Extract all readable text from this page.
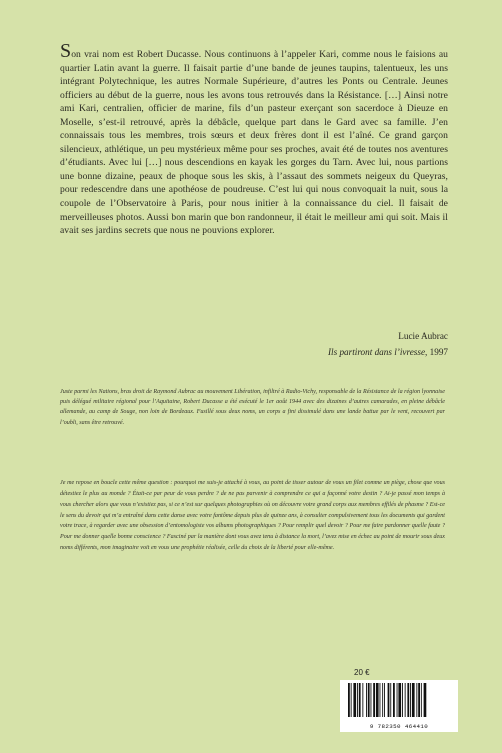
Son vrai nom est Robert Ducasse. Nous continuons à l’appeler Kari, comme nous le faisions au quartier Latin avant la guerre. Il faisait partie d’une bande de jeunes taupins, talentueux, les uns intégrant Polytechnique, les autres Normale Supérieure, d’autres les Ponts ou Centrale. Jeunes officiers au début de la guerre, nous les avons tous retrouvés dans la Résistance. […] Ainsi notre ami Kari, centralien, officier de marine, fils d’un pasteur exerçant son sacerdoce à Dieuze en Moselle, s’est-il retrouvé, après la débâcle, quelque part dans le Gard avec sa famille. J’en connaissais tous les membres, trois sœurs et deux frères dont il est l’aîné. Ce grand garçon silencieux, athlétique, un peu mystérieux même pour ses proches, avait été de toutes nos aventures d’étudiants. Avec lui […] nous descendions en kayak les gorges du Tarn. Avec lui, nous partions une bonne dizaine, peaux de phoque sous les skis, à l’assaut des sommets neigeux du Queyras, pour redescendre dans une apothéose de poudreuse. C’est lui qui nous convoquait la nuit, sous la coupole de l’Observatoire à Paris, pour nous initier à la connaissance du ciel. Il faisait de merveilleuses photos. Aussi bon marin que bon randonneur, il était le meilleur ami qui soit. Mais il avait ses jardins secrets que nous ne pouvions explorer.

Lucie Aubrac
Ils partiront dans l’ivresse, 1997

Juste parmi les Nations, bras droit de Raymond Aubrac au mouvement Libération, infiltré à Radio-Vichy, responsable de la Résistance de la région lyonnaise puis délégué militaire régional pour l’Aquitaine, Robert Ducasse a été exécuté le 1er août 1944 avec des dizaines d’autres camarades, en pleine débâcle allemande, au camp de Souge, non loin de Bordeaux. Fusillé sous deux noms, un corps a fini dissimulé dans une lande battue par le vent, recouvert par l’oubli, sans être retrouvé.

Je me repose en boucle cette même question : pourquoi me suis-je attaché à vous, au point de tisser autour de vous un filet comme un piège, chose que vous détestiez le plus au monde ? Était-ce par peur de vous perdre ? de ne pas parvenir à comprendre ce qui a façonné votre destin ? Ai-je passé mon temps à vous chercher alors que vous n’existiez pas, si ce n’est sur quelques photographies où on découvre votre grand corps aux membres effilés de phasme ? Est-ce le sens du devoir qui m’a entraîné dans cette danse avec votre fantôme depuis plus de quinze ans, à consulter compulsivement tous les documents qui gardent votre trace, à regarder avec une obsession d’entomologiste vos albums photographiques ? Pour remplir quel devoir ? Pour me faire pardonner quelle faute ? Pour me donner quelle bonne conscience ? Fasciné par la manière dont vous avez tenu à distance la mort, l’avez mise en échec au point de mourir sous deux noms différents, mon imaginaire voit en vous une prophétie réalisée, celle du choix de la liberté pour elle-même.

20 €
9 782350 464410
